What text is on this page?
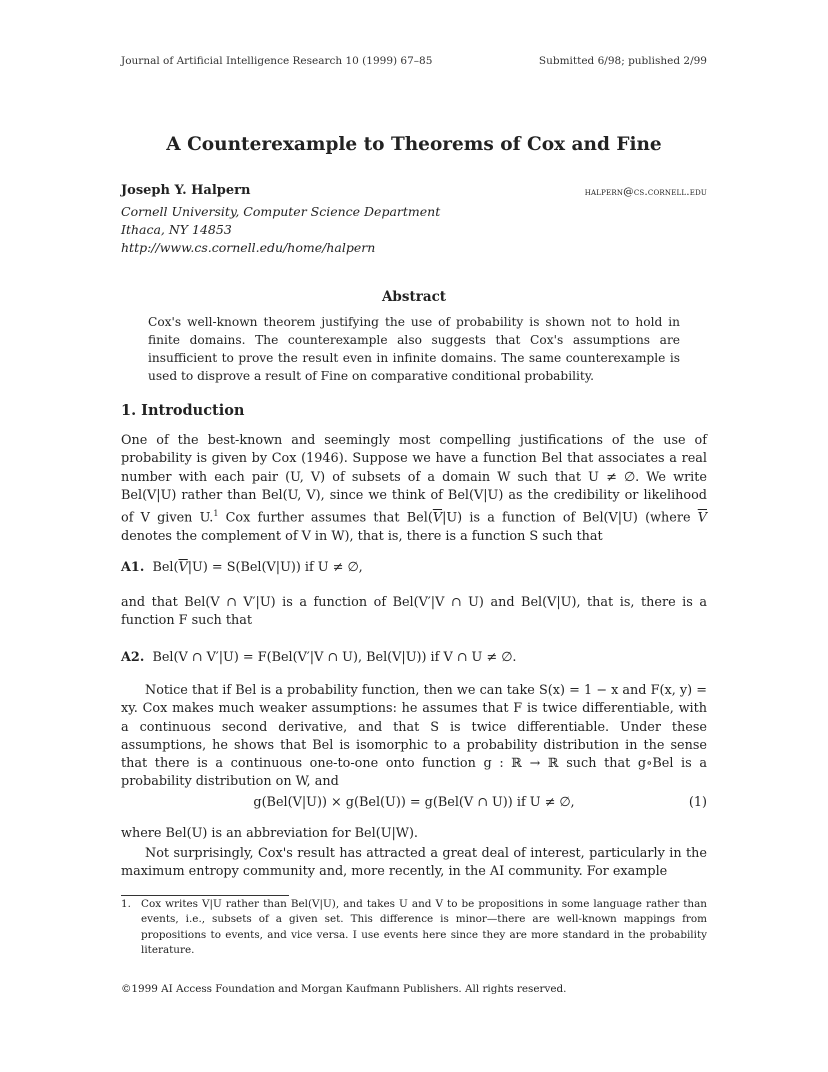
Journal of Artificial Intelligence Research 10 (1999) 67–85	Submitted 6/98; published 2/99
A Counterexample to Theorems of Cox and Fine
Joseph Y. Halpern	halpern@cs.cornell.edu
Cornell University, Computer Science Department
Ithaca, NY 14853
http://www.cs.cornell.edu/home/halpern
Abstract
Cox's well-known theorem justifying the use of probability is shown not to hold in finite domains. The counterexample also suggests that Cox's assumptions are insufficient to prove the result even in infinite domains. The same counterexample is used to disprove a result of Fine on comparative conditional probability.
1. Introduction
One of the best-known and seemingly most compelling justifications of the use of probability is given by Cox (1946). Suppose we have a function Bel that associates a real number with each pair (U, V) of subsets of a domain W such that U ≠ ∅. We write Bel(V|U) rather than Bel(U, V), since we think of Bel(V|U) as the credibility or likelihood of V given U.$^1$ Cox further assumes that $Bel(\overline{V}|U)$ is a function of Bel(V|U) (where $\overline{V}$ denotes the complement of V in W), that is, there is a function S such that
A1. $Bel(\overline{V}|U) = S(Bel(V|U))$ if U ≠ ∅,
and that Bel(V ∩ V′|U) is a function of Bel(V′|V ∩ U) and Bel(V|U), that is, there is a function F such that
A2. Bel(V ∩ V′|U) = F(Bel(V′|V ∩ U), Bel(V|U)) if V ∩ U ≠ ∅.
Notice that if Bel is a probability function, then we can take S(x) = 1 − x and F(x, y) = xy. Cox makes much weaker assumptions: he assumes that F is twice differentiable, with a continuous second derivative, and that S is twice differentiable. Under these assumptions, he shows that Bel is isomorphic to a probability distribution in the sense that there is a continuous one-to-one onto function g : ℝ → ℝ such that g∘Bel is a probability distribution on W, and
g(Bel(V|U)) × g(Bel(U)) = g(Bel(V ∩ U)) if U ≠ ∅,	(1)
where Bel(U) is an abbreviation for Bel(U|W).
Not surprisingly, Cox's result has attracted a great deal of interest, particularly in the maximum entropy community and, more recently, in the AI community. For example
1. Cox writes V|U rather than Bel(V|U), and takes U and V to be propositions in some language rather than events, i.e., subsets of a given set. This difference is minor—there are well-known mappings from propositions to events, and vice versa. I use events here since they are more standard in the probability literature.
©1999 AI Access Foundation and Morgan Kaufmann Publishers. All rights reserved.
